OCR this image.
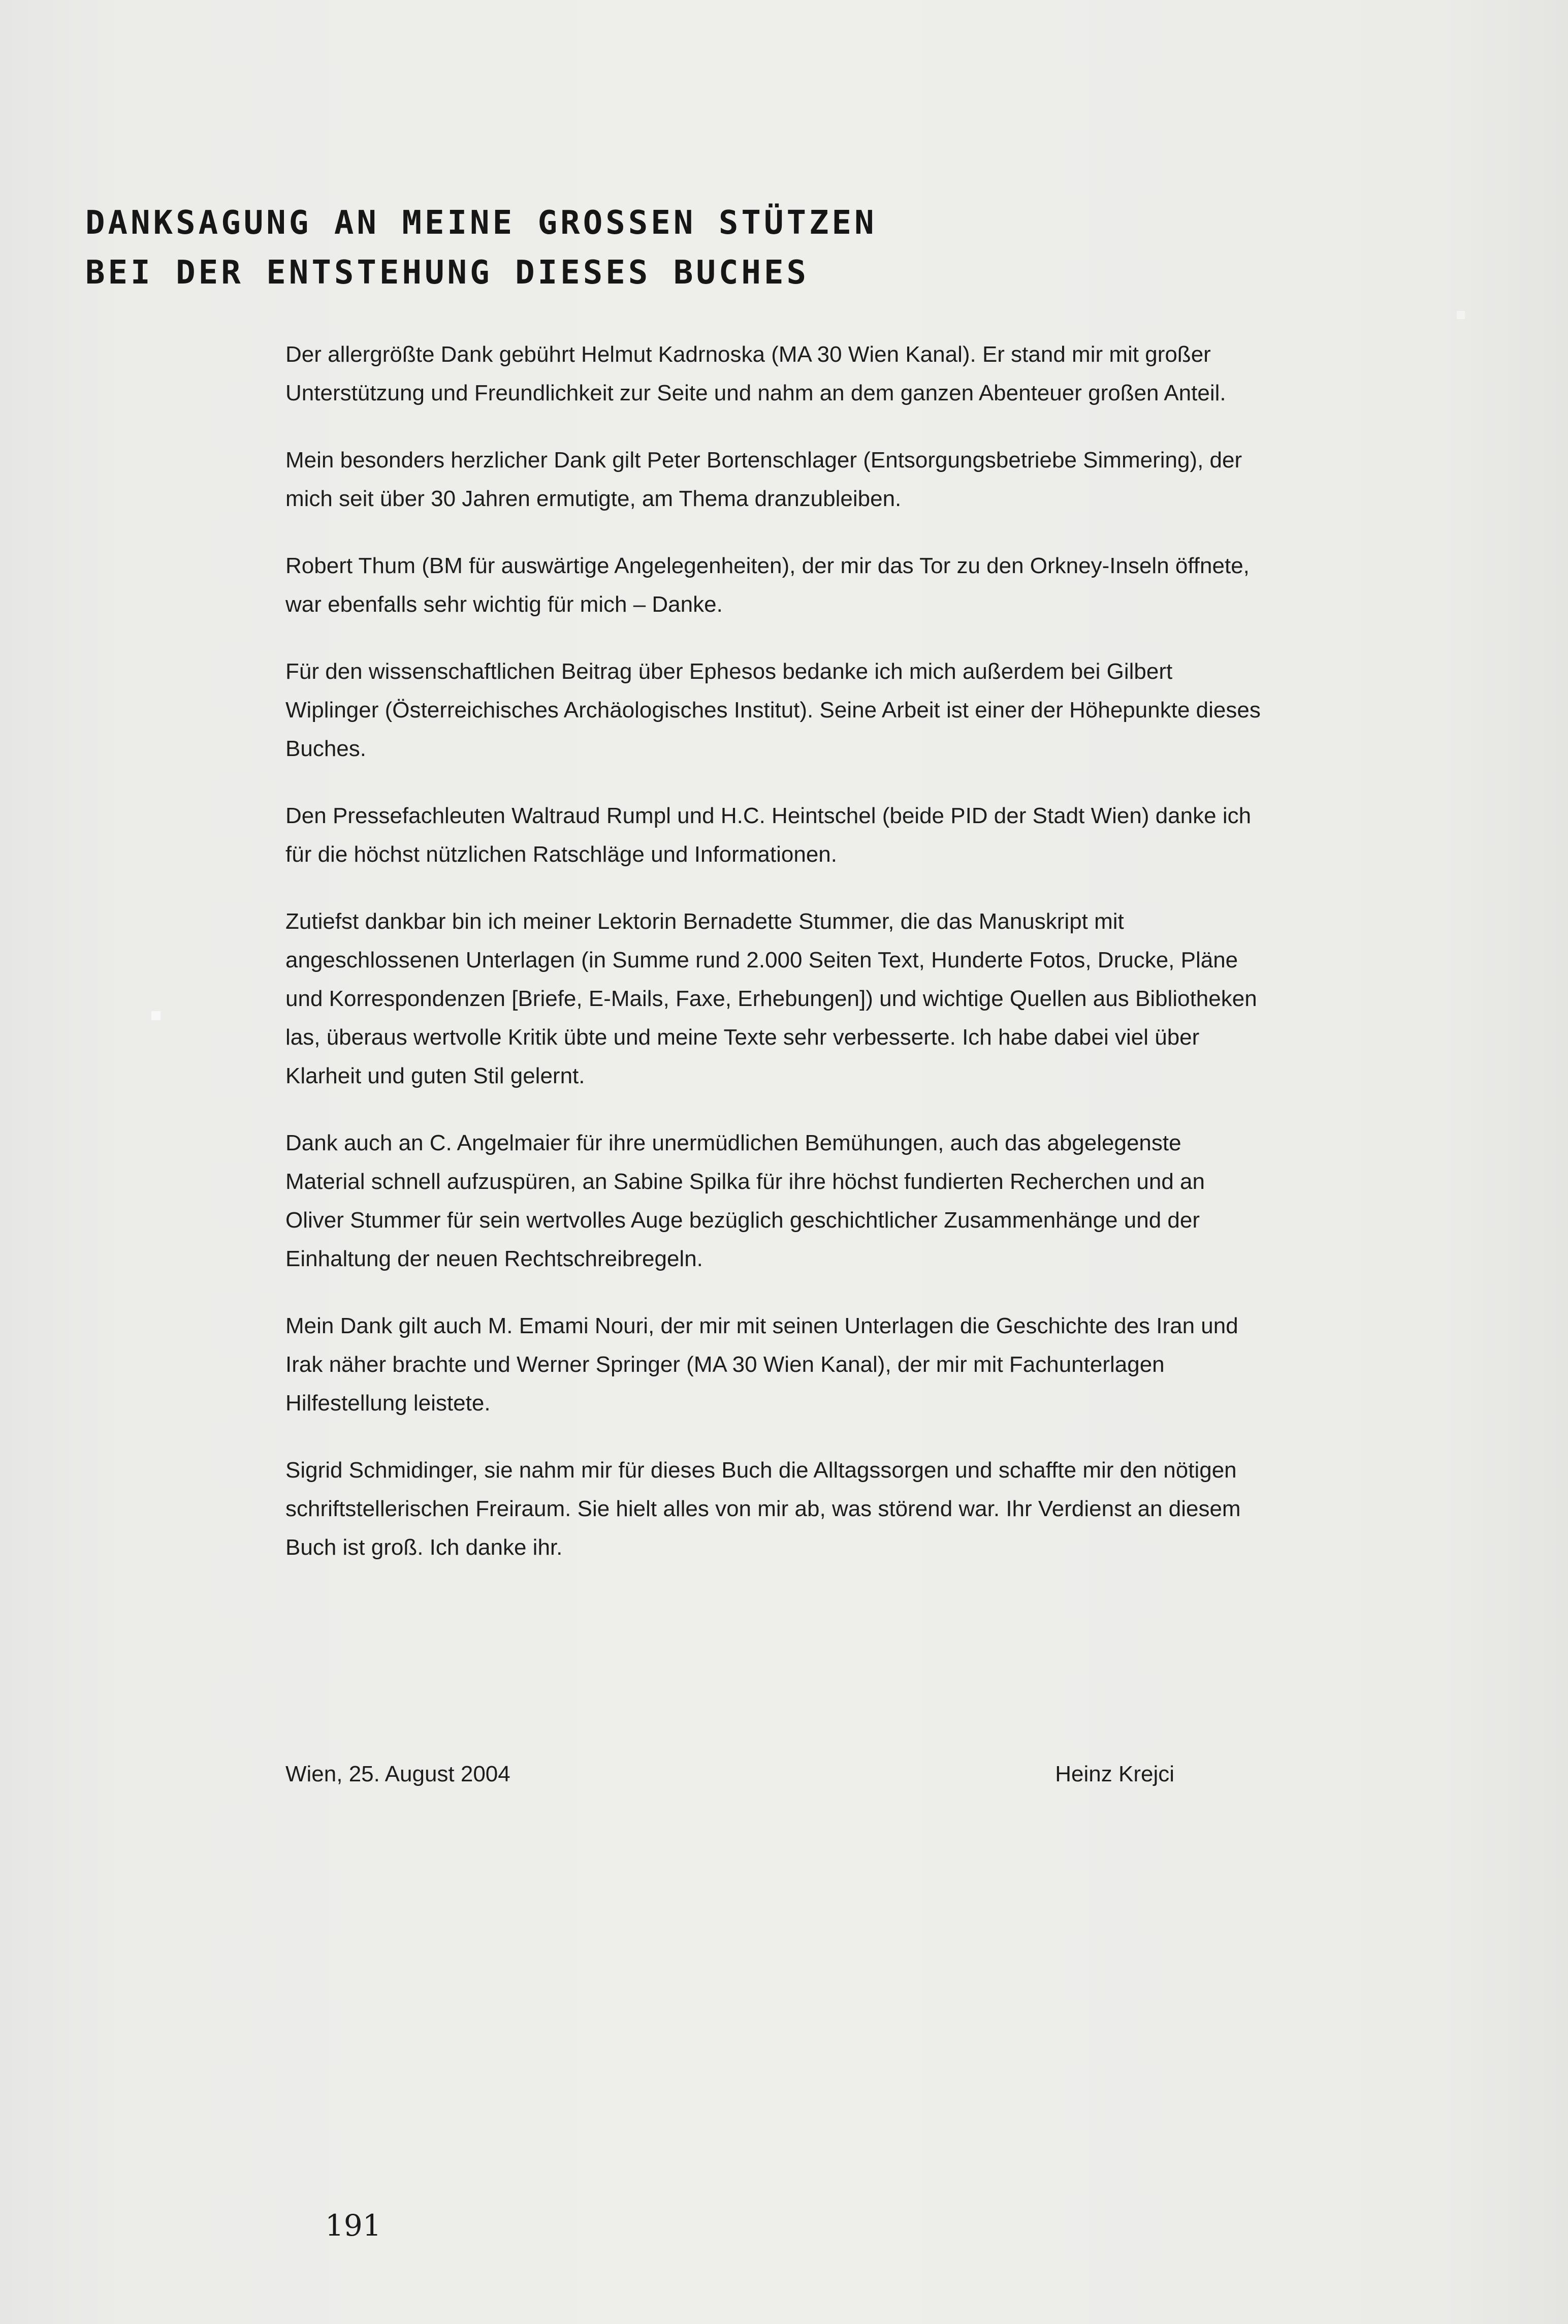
DANKSAGUNG AN MEINE GROSSEN STÜTZEN
BEI DER ENTSTEHUNG DIESES BUCHES

Der allergrößte Dank gebührt Helmut Kadrnoska (MA 30 Wien Kanal). Er stand mir mit großer Unterstützung und Freundlichkeit zur Seite und nahm an dem ganzen Abenteuer großen Anteil.

Mein besonders herzlicher Dank gilt Peter Bortenschlager (Entsorgungsbetriebe Simmering), der mich seit über 30 Jahren ermutigte, am Thema dranzubleiben.

Robert Thum (BM für auswärtige Angelegenheiten), der mir das Tor zu den Orkney-Inseln öffnete, war ebenfalls sehr wichtig für mich – Danke.

Für den wissenschaftlichen Beitrag über Ephesos bedanke ich mich außerdem bei Gilbert Wiplinger (Österreichisches Archäologisches Institut). Seine Arbeit ist einer der Höhepunkte dieses Buches.

Den Pressefachleuten Waltraud Rumpl und H.C. Heintschel (beide PID der Stadt Wien) danke ich für die höchst nützlichen Ratschläge und Informationen.

Zutiefst dankbar bin ich meiner Lektorin Bernadette Stummer, die das Manuskript mit angeschlossenen Unterlagen (in Summe rund 2.000 Seiten Text, Hunderte Fotos, Drucke, Pläne und Korrespondenzen [Briefe, E-Mails, Faxe, Erhebungen]) und wichtige Quellen aus Bibliotheken las, überaus wertvolle Kritik übte und meine Texte sehr verbesserte. Ich habe dabei viel über Klarheit und guten Stil gelernt.

Dank auch an C. Angelmaier für ihre unermüdlichen Bemühungen, auch das abgelegenste Material schnell aufzuspüren, an Sabine Spilka für ihre höchst fundierten Recherchen und an Oliver Stummer für sein wertvolles Auge bezüglich geschichtlicher Zusammenhänge und der Einhaltung der neuen Rechtschreibregeln.

Mein Dank gilt auch M. Emami Nouri, der mir mit seinen Unterlagen die Geschichte des Iran und Irak näher brachte und Werner Springer (MA 30 Wien Kanal), der mir mit Fachunterlagen Hilfestellung leistete.

Sigrid Schmidinger, sie nahm mir für dieses Buch die Alltagssorgen und schaffte mir den nötigen schriftstellerischen Freiraum. Sie hielt alles von mir ab, was störend war. Ihr Verdienst an diesem Buch ist groß. Ich danke ihr.

Wien, 25. August 2004	Heinz Krejci
191
